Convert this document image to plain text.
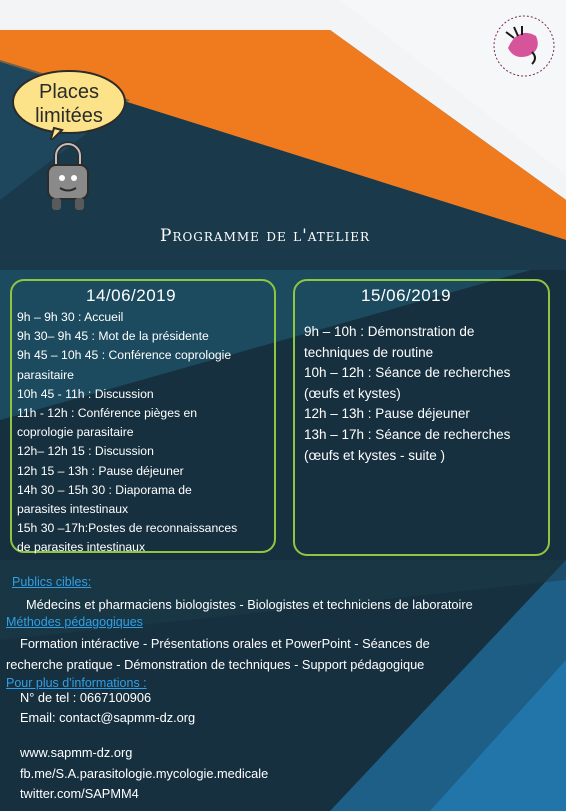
Places
limitées
Programme de l'atelier
14/06/2019
9h – 9h 30 : Accueil
9h 30– 9h 45 : Mot de la présidente
9h 45 – 10h 45 : Conférence coprologie
parasitaire
10h 45 - 11h : Discussion
11h - 12h : Conférence pièges en
coprologie parasitaire
12h– 12h 15 : Discussion
12h 15 – 13h : Pause déjeuner
14h 30 – 15h 30 : Diaporama de
parasites intestinaux
15h 30 –17h:Postes de reconnaissances
de parasites intestinaux
15/06/2019
9h – 10h : Démonstration de
techniques de routine
10h – 12h : Séance de recherches
(œufs et kystes)
12h – 13h : Pause déjeuner
13h – 17h : Séance de recherches
(œufs et kystes - suite )
Publics cibles:
Médecins et pharmaciens biologistes - Biologistes et techniciens de laboratoire
Méthodes pédagogiques
Formation intéractive - Présentations orales et PowerPoint - Séances de
recherche pratique - Démonstration de techniques - Support pédagogique
Pour plus d'informations :
N° de tel : 0667100906
Email: contact@sapmm-dz.org
www.sapmm-dz.org
fb.me/S.A.parasitologie.mycologie.medicale
twitter.com/SAPMM4
